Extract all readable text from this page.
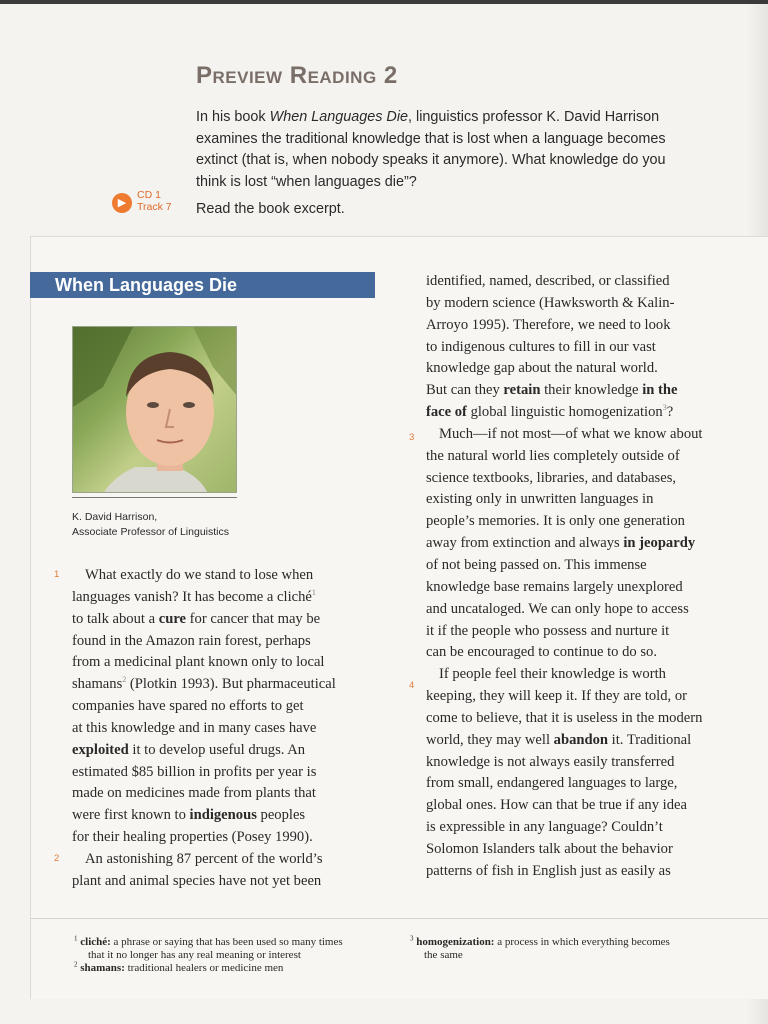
Preview Reading 2
In his book When Languages Die, linguistics professor K. David Harrison
examines the traditional knowledge that is lost when a language becomes
extinct (that is, when nobody speaks it anymore). What knowledge do you
think is lost “when languages die”?
▶
CD 1
Track 7	Read the book excerpt.
When Languages Die
K. David Harrison,
Associate Professor of Linguistics
1
2
What exactly do we stand to lose when
languages vanish? It has become a cliché$^1$
to talk about a cure for cancer that may be
found in the Amazon rain forest, perhaps
from a medicinal plant known only to local
shamans$^2$ (Plotkin 1993). But pharmaceutical
companies have spared no efforts to get
at this knowledge and in many cases have
exploited it to develop useful drugs. An
estimated $85 billion in profits per year is
made on medicines made from plants that
were first known to indigenous peoples
for their healing properties (Posey 1990).
An astonishing 87 percent of the world’s
plant and animal species have not yet been
3
4
identified, named, described, or classified
by modern science (Hawksworth & Kalin-
Arroyo 1995). Therefore, we need to look
to indigenous cultures to fill in our vast
knowledge gap about the natural world.
But can they retain their knowledge in the
face of global linguistic homogenization$^3$?
Much—if not most—of what we know about
the natural world lies completely outside of
science textbooks, libraries, and databases,
existing only in unwritten languages in
people’s memories. It is only one generation
away from extinction and always in jeopardy
of not being passed on. This immense
knowledge base remains largely unexplored
and uncataloged. We can only hope to access
it if the people who possess and nurture it
can be encouraged to continue to do so.
If people feel their knowledge is worth
keeping, they will keep it. If they are told, or
come to believe, that it is useless in the modern
world, they may well abandon it. Traditional
knowledge is not always easily transferred
from small, endangered languages to large,
global ones. How can that be true if any idea
is expressible in any language? Couldn’t
Solomon Islanders talk about the behavior
patterns of fish in English just as easily as
$^1$ cliché: a phrase or saying that has been used so many times
that it no longer has any real meaning or interest
$^2$ shamans: traditional healers or medicine men
$^3$ homogenization: a process in which everything becomes
the same
